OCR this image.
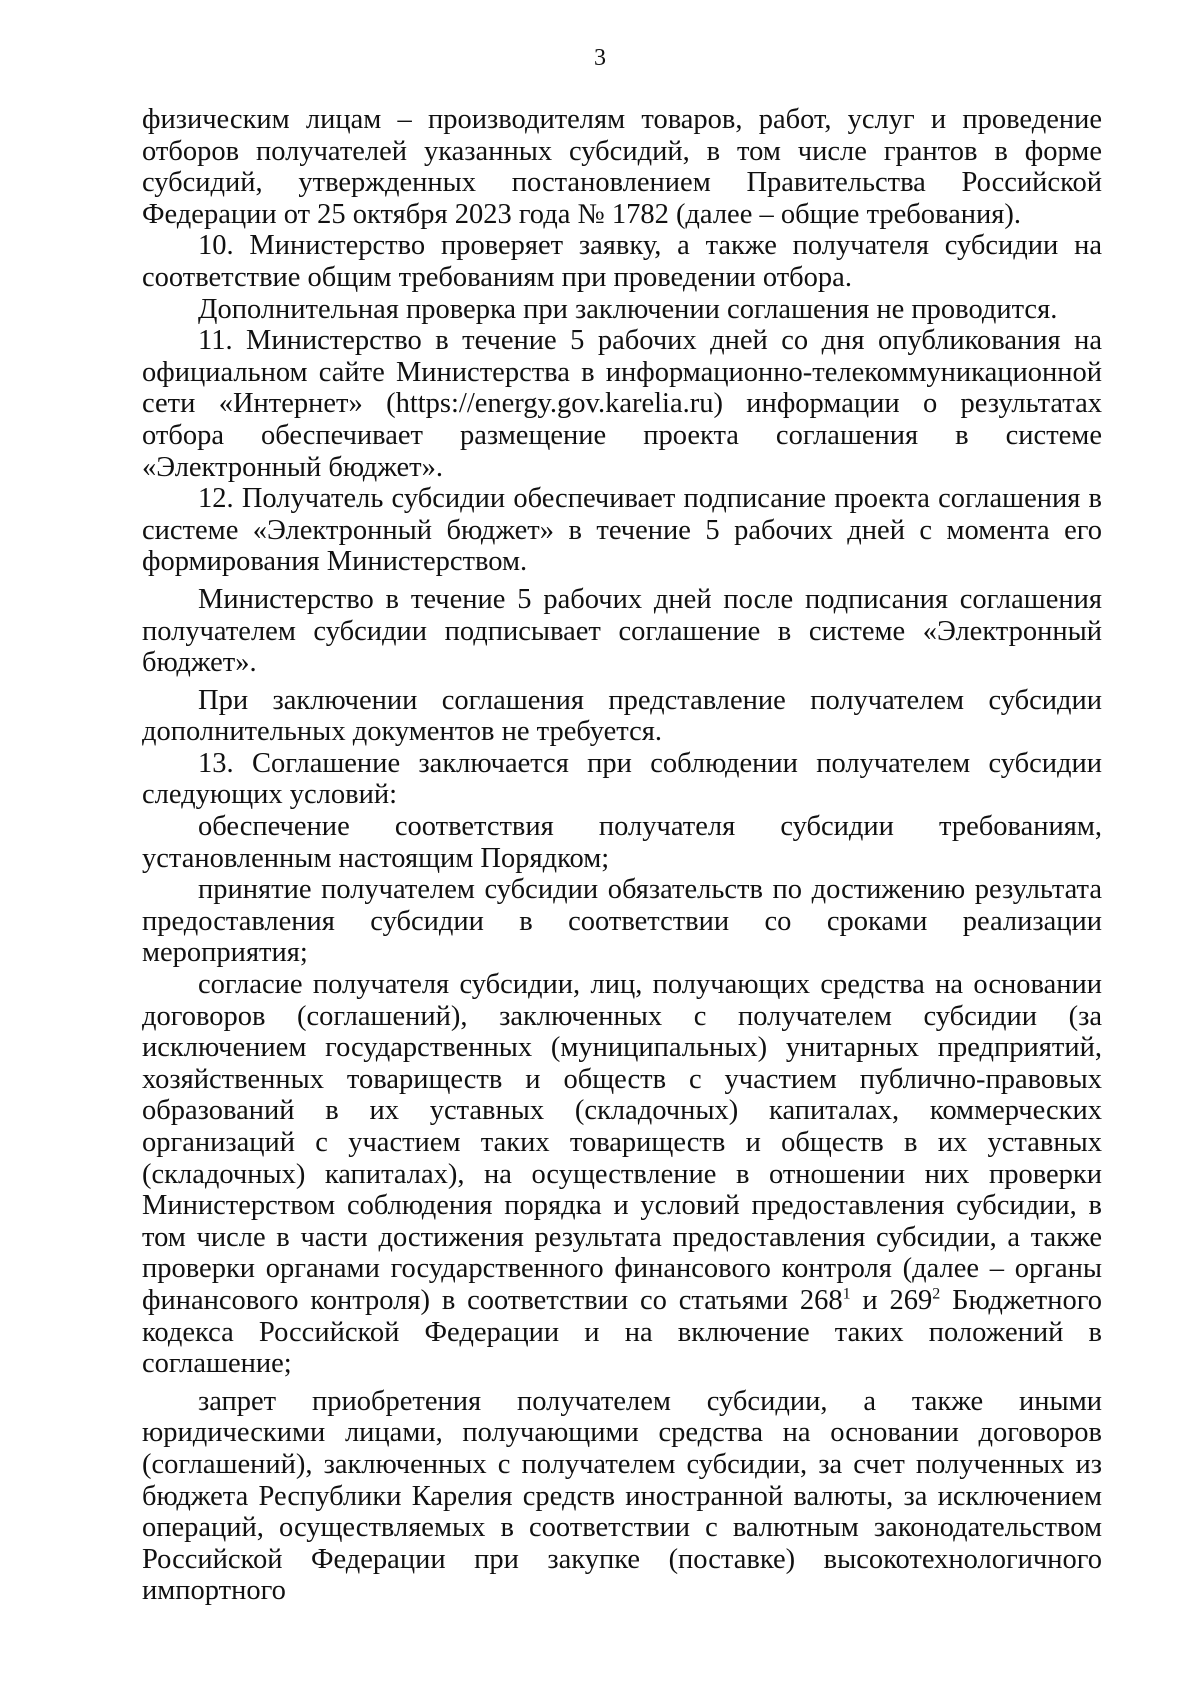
3

физическим лицам – производителям товаров, работ, услуг и проведение отборов получателей указанных субсидий, в том числе грантов в форме субсидий, утвержденных постановлением Правительства Российской Федерации от 25 октября 2023 года № 1782 (далее – общие требования).

10. Министерство проверяет заявку, а также получателя субсидии на соответствие общим требованиям при проведении отбора.

Дополнительная проверка при заключении соглашения не проводится.

11. Министерство в течение 5 рабочих дней со дня опубликования на официальном сайте Министерства в информационно-телекоммуникационной сети «Интернет» (https://energy.gov.karelia.ru) информации о результатах отбора обеспечивает размещение проекта соглашения в системе «Электронный бюджет».

12. Получатель субсидии обеспечивает подписание проекта соглашения в системе «Электронный бюджет» в течение 5 рабочих дней с момента его формирования Министерством.

Министерство в течение 5 рабочих дней после подписания соглашения получателем субсидии подписывает соглашение в системе «Электронный бюджет».

При заключении соглашения представление получателем субсидии дополнительных документов не требуется.

13. Соглашение заключается при соблюдении получателем субсидии следующих условий:

обеспечение соответствия получателя субсидии требованиям, установленным настоящим Порядком;

принятие получателем субсидии обязательств по достижению результата предоставления субсидии в соответствии со сроками реализации мероприятия;

согласие получателя субсидии, лиц, получающих средства на основании договоров (соглашений), заключенных с получателем субсидии (за исключением государственных (муниципальных) унитарных предприятий, хозяйственных товариществ и обществ с участием публично-правовых образований в их уставных (складочных) капиталах, коммерческих организаций с участием таких товариществ и обществ в их уставных (складочных) капиталах), на осуществление в отношении них проверки Министерством соблюдения порядка и условий предоставления субсидии, в том числе в части достижения результата предоставления субсидии, а также проверки органами государственного финансового контроля (далее – органы финансового контроля) в соответствии со статьями $268^1$ и $269^2$ Бюджетного кодекса Российской Федерации и на включение таких положений в соглашение;

запрет приобретения получателем субсидии, а также иными юридическими лицами, получающими средства на основании договоров (соглашений), заключенных с получателем субсидии, за счет полученных из бюджета Республики Карелия средств иностранной валюты, за исключением операций, осуществляемых в соответствии с валютным законодательством Российской Федерации при закупке (поставке) высокотехнологичного импортного
